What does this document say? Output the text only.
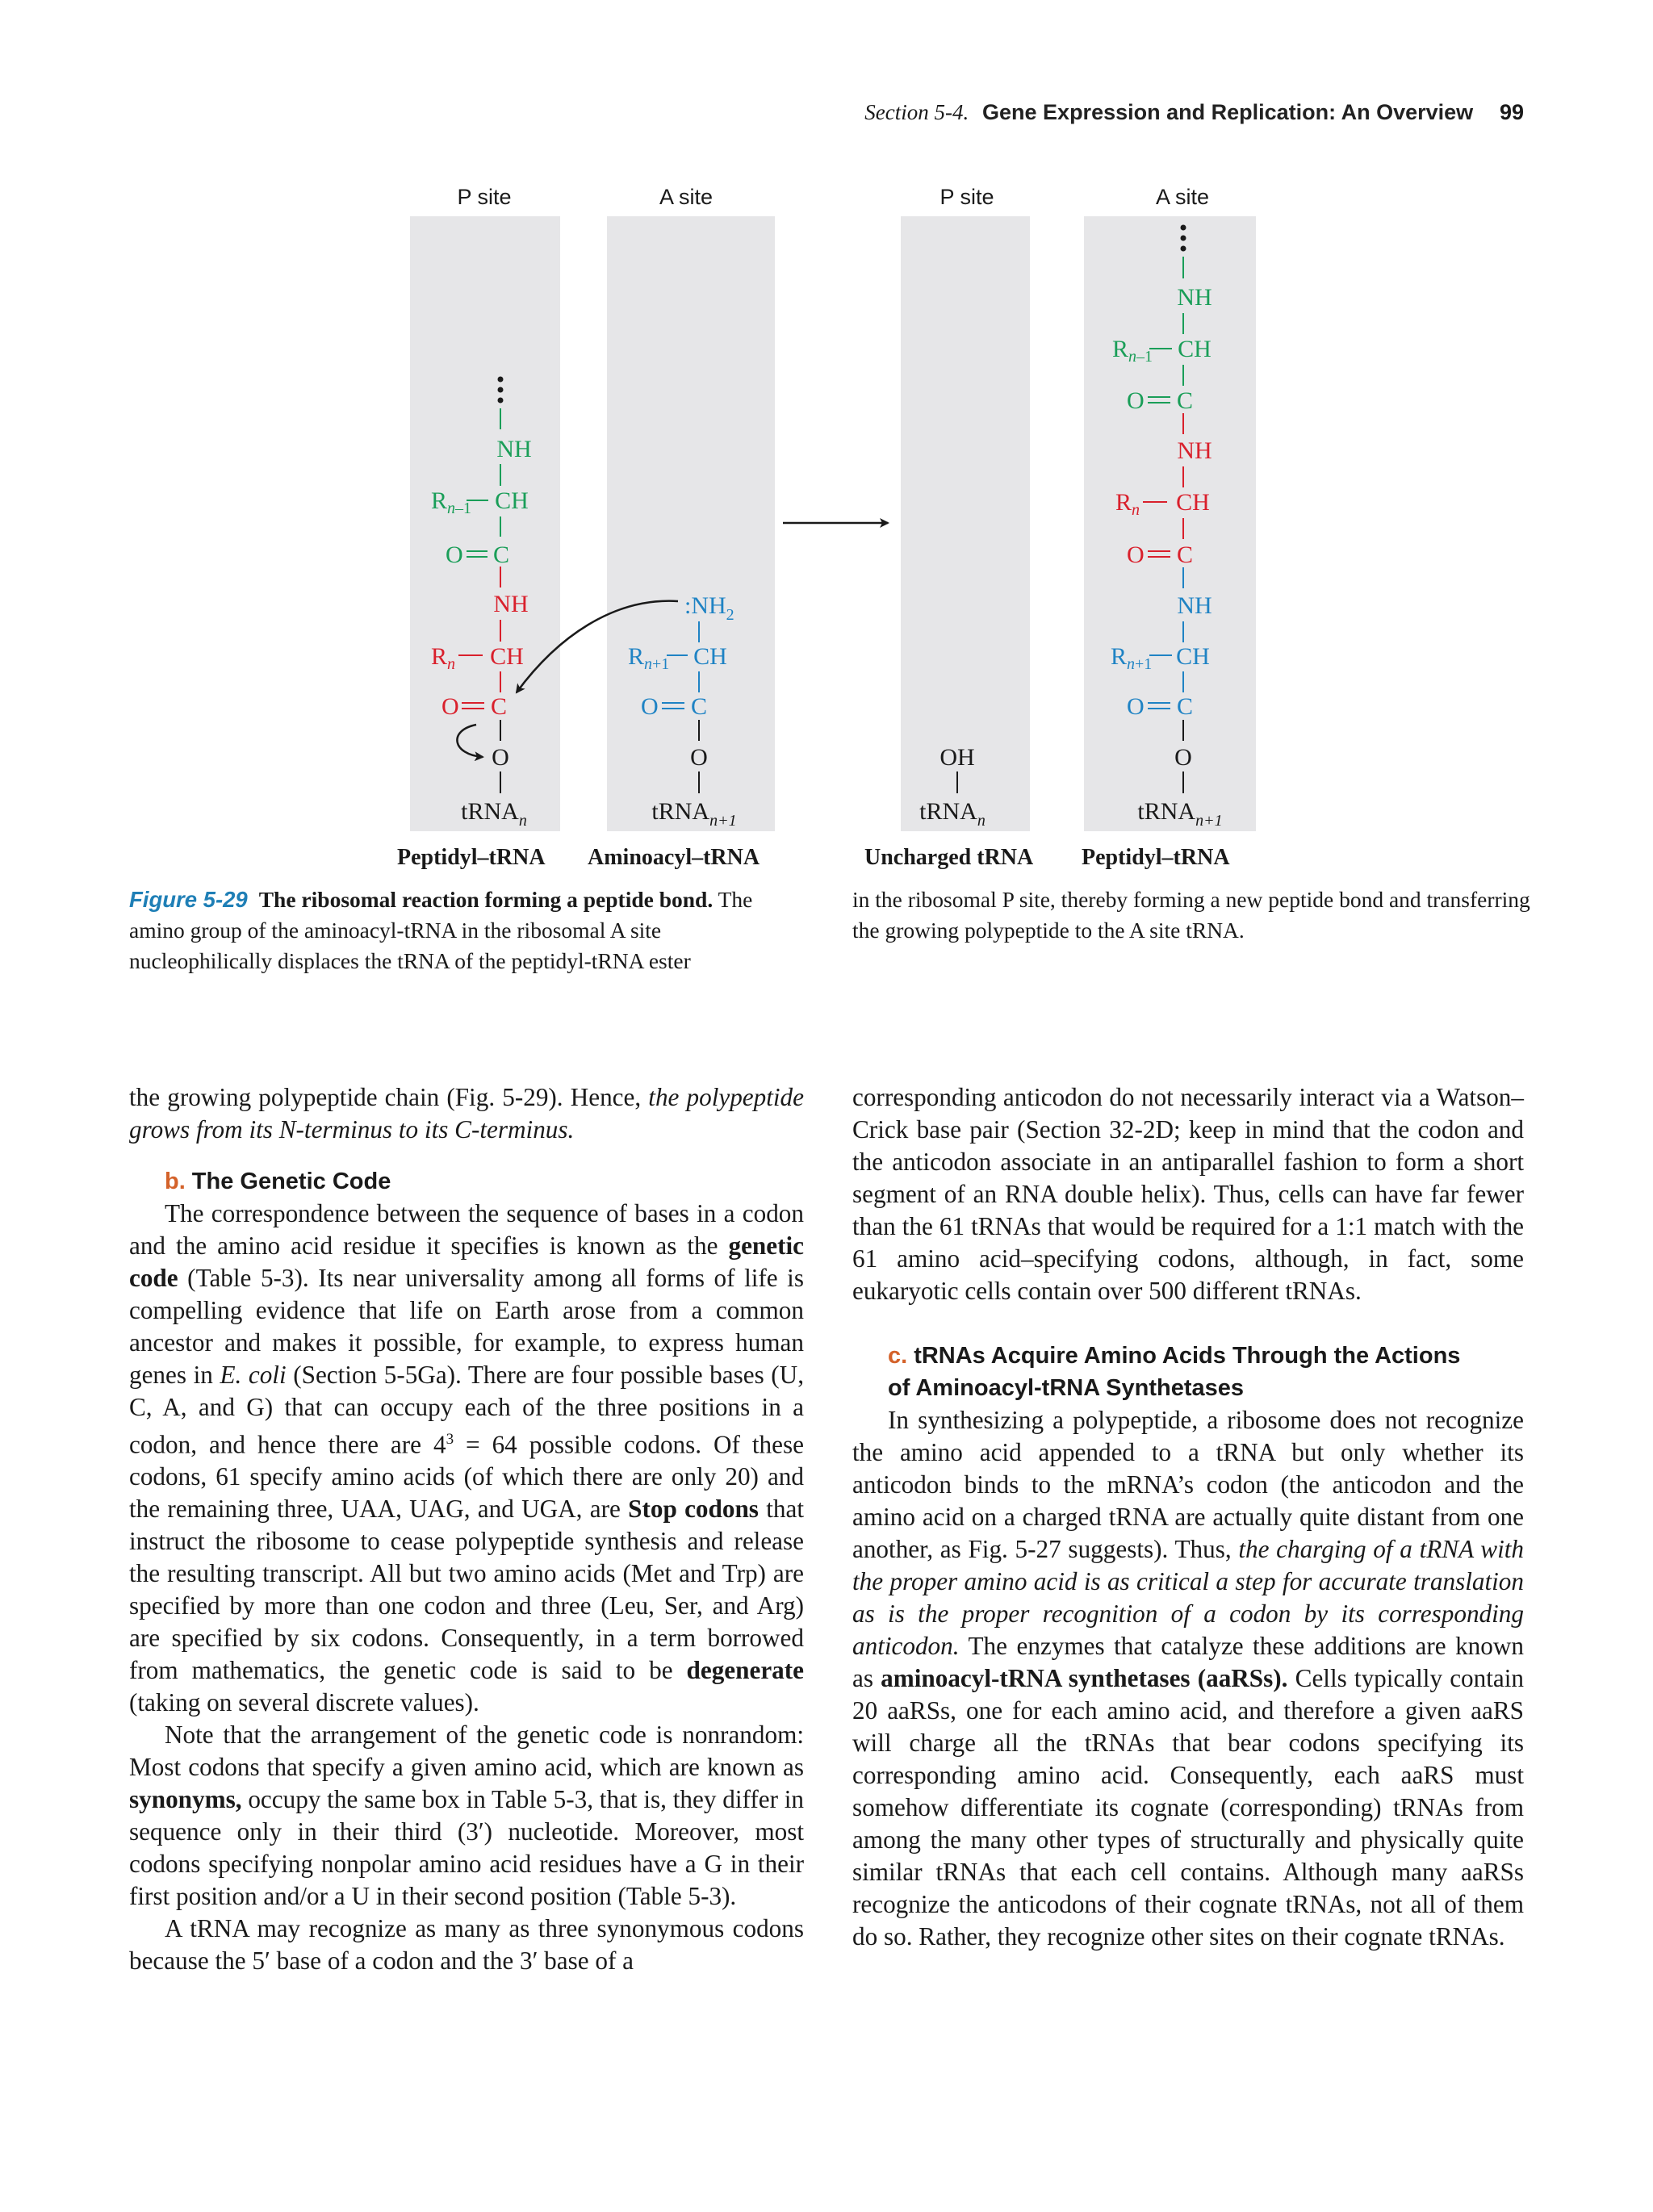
Section 5-4. Gene Expression and Replication: An Overview 99
P site	A site	P site	A site
NH
$R_n-1$ CH
O C
NH
$R_n$ CH
O C
O
tRNA$_n$
$:NH_2$
$R_n+1$ CH
O C
O
tRNA$_{n+1}$
OH
tRNA$_n$
NH
$R_n-1$ CH
O C
NH
$R_n$ CH
O C
NH
$R_n+1$ CH
O C
O
tRNA$_{n+1}$
Peptidyl–tRNA Aminoacyl–tRNA	Uncharged tRNA Peptidyl–tRNA
Figure 5-29 The ribosomal reaction forming a peptide bond. The amino group of the aminoacyl-tRNA in the ribosomal A site nucleophilically displaces the tRNA of the peptidyl-tRNA ester
in the ribosomal P site, thereby forming a new peptide bond and transferring the growing polypeptide to the A site tRNA.

the growing polypeptide chain (Fig. 5-29). Hence, the polypeptide grows from its N-terminus to its C-terminus.

b. The Genetic Code

The correspondence between the sequence of bases in a codon and the amino acid residue it specifies is known as the genetic code (Table 5-3). Its near universality among all forms of life is compelling evidence that life on Earth arose from a common ancestor and makes it possible, for example, to express human genes in E. coli (Section 5-5Ga). There are four possible bases (U, C, A, and G) that can occupy each of the three positions in a codon, and hence there are $4^3 = 64$ possible codons. Of these codons, 61 specify amino acids (of which there are only 20) and the remaining three, UAA, UAG, and UGA, are Stop codons that instruct the ribosome to cease polypeptide synthesis and release the resulting transcript. All but two amino acids (Met and Trp) are specified by more than one codon and three (Leu, Ser, and Arg) are specified by six codons. Consequently, in a term borrowed from mathematics, the genetic code is said to be degenerate (taking on several discrete values).

Note that the arrangement of the genetic code is nonrandom: Most codons that specify a given amino acid, which are known as synonyms, occupy the same box in Table 5-3, that is, they differ in sequence only in their third (3′) nucleotide. Moreover, most codons specifying nonpolar amino acid residues have a G in their first position and/or a U in their second position (Table 5-3).

A tRNA may recognize as many as three synonymous codons because the 5′ base of a codon and the 3′ base of a

corresponding anticodon do not necessarily interact via a Watson–Crick base pair (Section 32-2D; keep in mind that the codon and the anticodon associate in an antiparallel fashion to form a short segment of an RNA double helix). Thus, cells can have far fewer than the 61 tRNAs that would be required for a 1:1 match with the 61 amino acid–specifying codons, although, in fact, some eukaryotic cells contain over 500 different tRNAs.

c. tRNAs Acquire Amino Acids Through the Actions
of Aminoacyl-tRNA Synthetases

In synthesizing a polypeptide, a ribosome does not recognize the amino acid appended to a tRNA but only whether its anticodon binds to the mRNA’s codon (the anticodon and the amino acid on a charged tRNA are actually quite distant from one another, as Fig. 5-27 suggests). Thus, the charging of a tRNA with the proper amino acid is as critical a step for accurate translation as is the proper recognition of a codon by its corresponding anticodon. The enzymes that catalyze these additions are known as aminoacyl-tRNA synthetases (aaRSs). Cells typically contain 20 aaRSs, one for each amino acid, and therefore a given aaRS will charge all the tRNAs that bear codons specifying its corresponding amino acid. Consequently, each aaRS must somehow differentiate its cognate (corresponding) tRNAs from among the many other types of structurally and physically quite similar tRNAs that each cell contains. Although many aaRSs recognize the anticodons of their cognate tRNAs, not all of them do so. Rather, they recognize other sites on their cognate tRNAs.
